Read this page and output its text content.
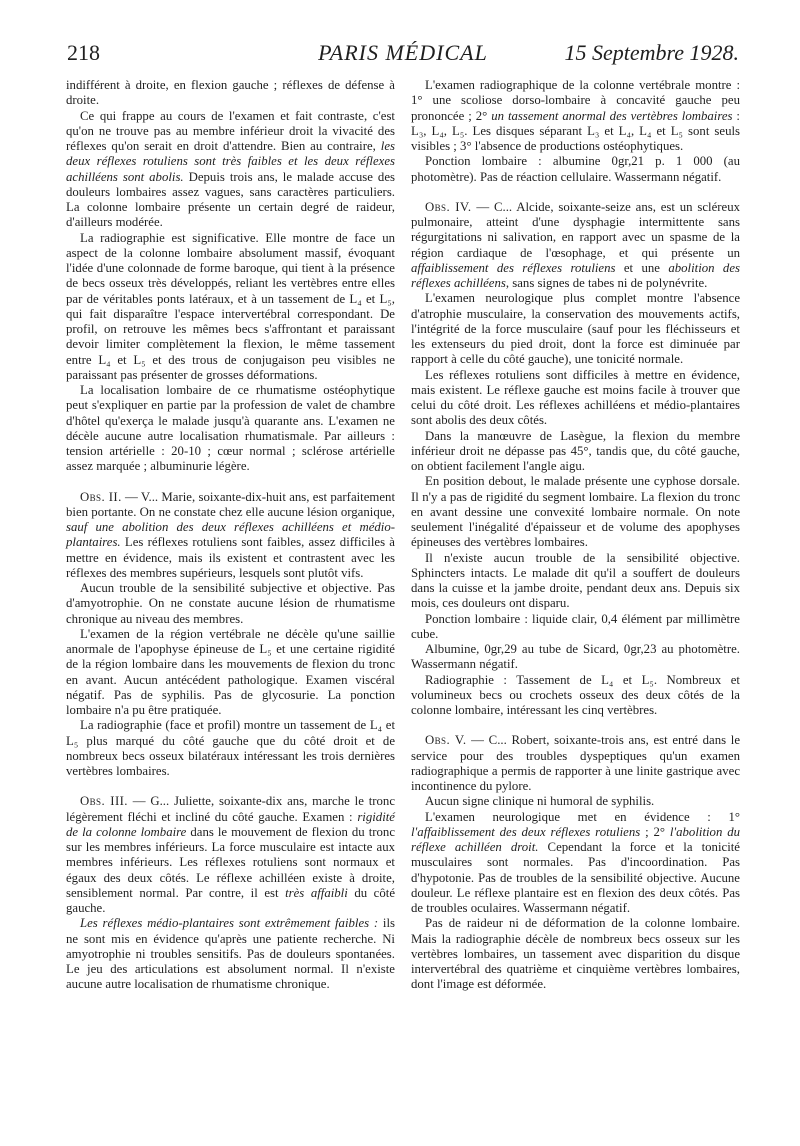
218	PARIS MÉDICAL	15 Septembre 1928.

indifférent à droite, en flexion gauche ; réflexes de défense à droite.

Ce qui frappe au cours de l'examen et fait contraste, c'est qu'on ne trouve pas au membre inférieur droit la vivacité des réflexes qu'on serait en droit d'attendre. Bien au contraire, les deux réflexes rotuliens sont très faibles et les deux réflexes achilléens sont abolis. Depuis trois ans, le malade accuse des douleurs lombaires assez vagues, sans caractères particuliers. La colonne lombaire présente un certain degré de raideur, d'ailleurs modérée.

La radiographie est significative. Elle montre de face un aspect de la colonne lombaire absolument massif, évoquant l'idée d'une colonnade de forme baroque, qui tient à la présence de becs osseux très développés, reliant les vertèbres entre elles par de véritables ponts latéraux, et à un tassement de L₄ et L₅, qui fait disparaître l'espace intervertébral correspondant. De profil, on retrouve les mêmes becs s'affrontant et paraissant devoir limiter complètement la flexion, le même tassement entre L₄ et L₅ et des trous de conjugaison peu visibles ne paraissant pas présenter de grosses déformations.

La localisation lombaire de ce rhumatisme ostéophytique peut s'expliquer en partie par la profession de valet de chambre d'hôtel qu'exerça le malade jusqu'à quarante ans. L'examen ne décèle aucune autre localisation rhumatismale. Par ailleurs : tension artérielle : 20-10 ; cœur normal ; sclérose artérielle assez marquée ; albuminurie légère.

Obs. II. — V... Marie, soixante-dix-huit ans, est parfaitement bien portante. On ne constate chez elle aucune lésion organique, sauf une abolition des deux réflexes achilléens et médio-plantaires. Les réflexes rotuliens sont faibles, assez difficiles à mettre en évidence, mais ils existent et contrastent avec les réflexes des membres supérieurs, lesquels sont plutôt vifs.

Aucun trouble de la sensibilité subjective et objective. Pas d'amyotrophie. On ne constate aucune lésion de rhumatisme chronique au niveau des membres.

L'examen de la région vertébrale ne décèle qu'une saillie anormale de l'apophyse épineuse de L₅ et une certaine rigidité de la région lombaire dans les mouvements de flexion du tronc en avant. Aucun antécédent pathologique. Examen viscéral négatif. Pas de syphilis. Pas de glycosurie. La ponction lombaire n'a pu être pratiquée.

La radiographie (face et profil) montre un tassement de L₄ et L₅ plus marqué du côté gauche que du côté droit et de nombreux becs osseux bilatéraux intéressant les trois dernières vertèbres lombaires.

Obs. III. — G... Juliette, soixante-dix ans, marche le tronc légèrement fléchi et incliné du côté gauche. Examen : rigidité de la colonne lombaire dans le mouvement de flexion du tronc sur les membres inférieurs. La force musculaire est intacte aux membres inférieurs. Les réflexes rotuliens sont normaux et égaux des deux côtés. Le réflexe achilléen existe à droite, sensiblement normal. Par contre, il est très affaibli du côté gauche.

Les réflexes médio-plantaires sont extrêmement faibles : ils ne sont mis en évidence qu'après une patiente recherche. Ni amyotrophie ni troubles sensitifs. Pas de douleurs spontanées. Le jeu des articulations est absolument normal. Il n'existe aucune autre localisation de rhumatisme chronique.

L'examen radiographique de la colonne vertébrale montre : 1° une scoliose dorso-lombaire à concavité gauche peu prononcée ; 2° un tassement anormal des vertèbres lombaires : L₃, L₄, L₅. Les disques séparant L₃ et L₄, L₄ et L₅ sont seuls visibles ; 3° l'absence de productions ostéophytiques.

Ponction lombaire : albumine 0gr,21 p. 1 000 (au photomètre). Pas de réaction cellulaire. Wassermann négatif.

Obs. IV. — C... Alcide, soixante-seize ans, est un scléreux pulmonaire, atteint d'une dysphagie intermittente sans régurgitations ni salivation, en rapport avec un spasme de la région cardiaque de l'œsophage, et qui présente un affaiblissement des réflexes rotuliens et une abolition des réflexes achilléens, sans signes de tabes ni de polynévrite.

L'examen neurologique plus complet montre l'absence d'atrophie musculaire, la conservation des mouvements actifs, l'intégrité de la force musculaire (sauf pour les fléchisseurs et les extenseurs du pied droit, dont la force est diminuée par rapport à celle du côté gauche), une tonicité normale.

Les réflexes rotuliens sont difficiles à mettre en évidence, mais existent. Le réflexe gauche est moins facile à trouver que celui du côté droit. Les réflexes achilléens et médio-plantaires sont abolis des deux côtés.

Dans la manœuvre de Lasègue, la flexion du membre inférieur droit ne dépasse pas 45°, tandis que, du côté gauche, on obtient facilement l'angle aigu.

En position debout, le malade présente une cyphose dorsale. Il n'y a pas de rigidité du segment lombaire. La flexion du tronc en avant dessine une convexité lombaire normale. On note seulement l'inégalité d'épaisseur et de volume des apophyses épineuses des vertèbres lombaires.

Il n'existe aucun trouble de la sensibilité objective. Sphincters intacts. Le malade dit qu'il a souffert de douleurs dans la cuisse et la jambe droite, pendant deux ans. Depuis six mois, ces douleurs ont disparu.

Ponction lombaire : liquide clair, 0,4 élément par millimètre cube.

Albumine, 0gr,29 au tube de Sicard, 0gr,23 au photomètre. Wassermann négatif.

Radiographie : Tassement de L₄ et L₅. Nombreux et volumineux becs ou crochets osseux des deux côtés de la colonne lombaire, intéressant les cinq vertèbres.

Obs. V. — C... Robert, soixante-trois ans, est entré dans le service pour des troubles dyspeptiques qu'un examen radiographique a permis de rapporter à une linite gastrique avec incontinence du pylore.

Aucun signe clinique ni humoral de syphilis.

L'examen neurologique met en évidence : 1° l'affaiblissement des deux réflexes rotuliens ; 2° l'abolition du réflexe achilléen droit. Cependant la force et la tonicité musculaires sont normales. Pas d'incoordination. Pas d'hypotonie. Pas de troubles de la sensibilité objective. Aucune douleur. Le réflexe plantaire est en flexion des deux côtés. Pas de troubles oculaires. Wassermann négatif.

Pas de raideur ni de déformation de la colonne lombaire. Mais la radiographie décèle de nombreux becs osseux sur les vertèbres lombaires, un tassement avec disparition du disque intervertébral des quatrième et cinquième vertèbres lombaires, dont l'image est déformée.
